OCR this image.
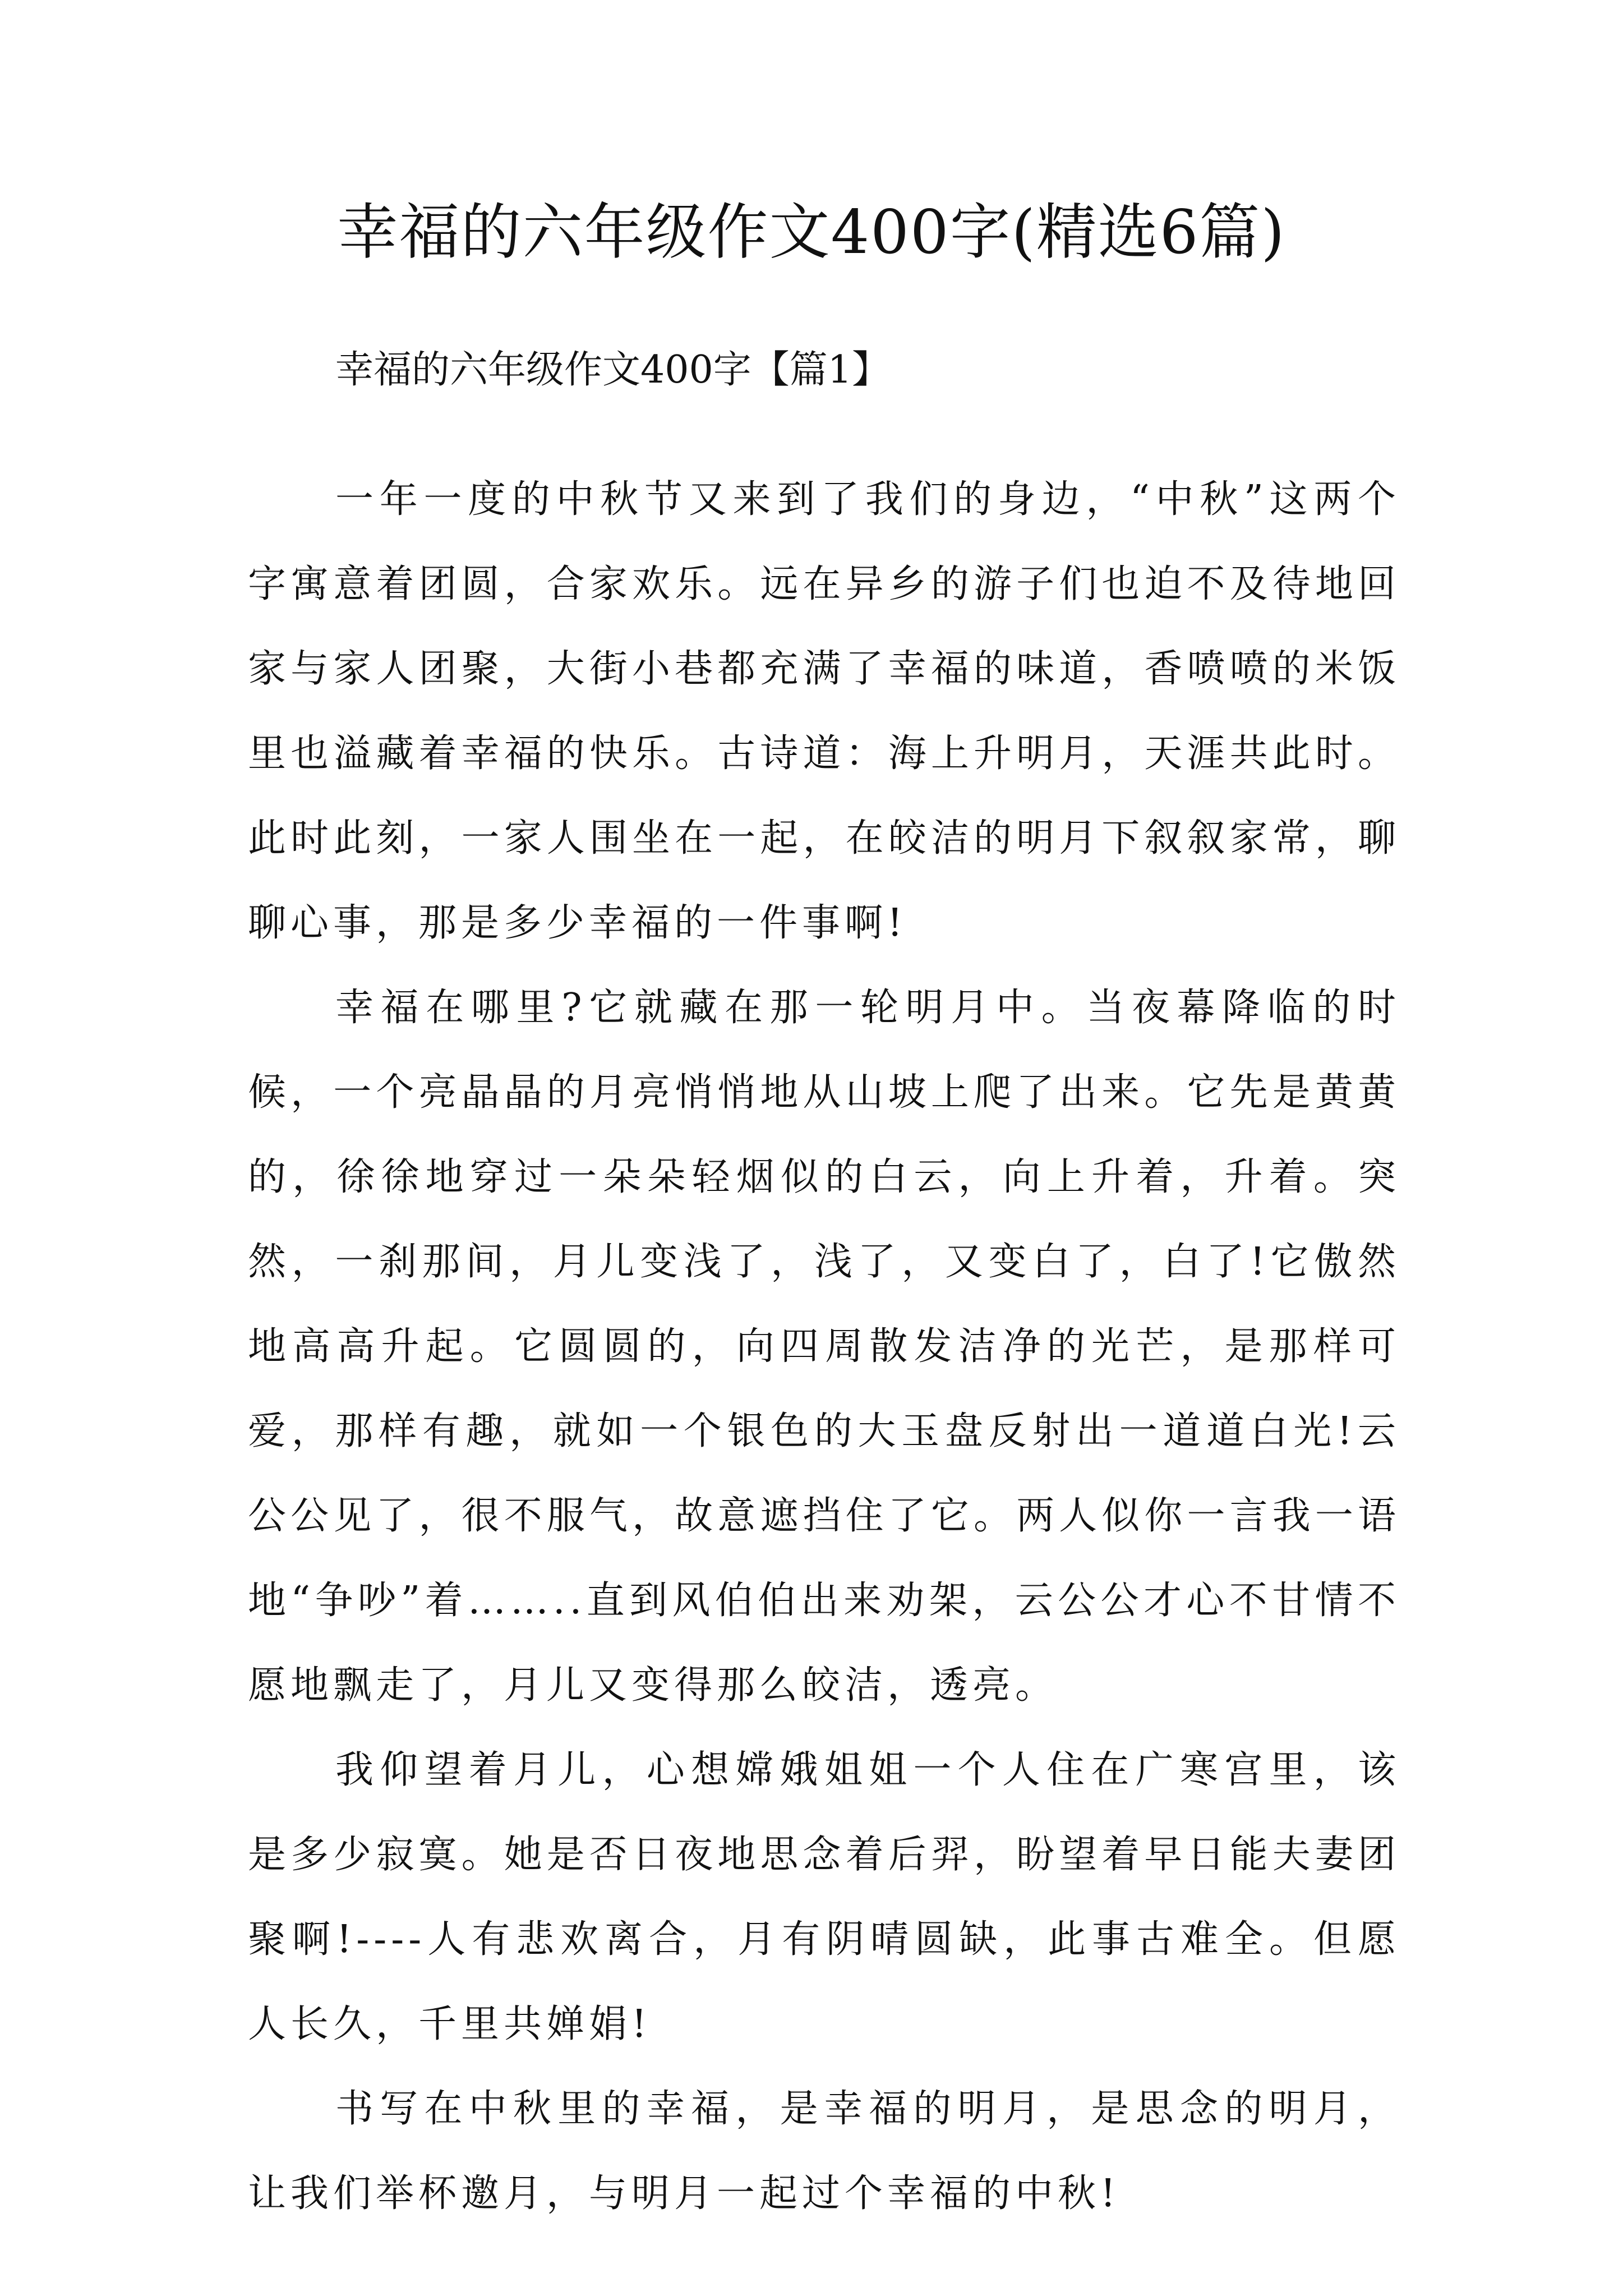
幸福的六年级作文400字(精选6篇)

幸福的六年级作文400字【篇1】

一年一度的中秋节又来到了我们的身边，“中秋”这两个字寓意着团圆，合家欢乐。远在异乡的游子们也迫不及待地回家与家人团聚，大街小巷都充满了幸福的味道，香喷喷的米饭里也溢藏着幸福的快乐。古诗道：海上升明月，天涯共此时。此时此刻，一家人围坐在一起，在皎洁的明月下叙叙家常，聊聊心事，那是多少幸福的一件事啊!

幸福在哪里?它就藏在那一轮明月中。当夜幕降临的时候，一个亮晶晶的月亮悄悄地从山坡上爬了出来。它先是黄黄的，徐徐地穿过一朵朵轻烟似的白云，向上升着，升着。突然，一刹那间，月儿变浅了，浅了，又变白了，白了!它傲然地高高升起。它圆圆的，向四周散发洁净的光芒，是那样可爱，那样有趣，就如一个银色的大玉盘反射出一道道白光!云公公见了，很不服气，故意遮挡住了它。两人似你一言我一语地“争吵”着……..直到风伯伯出来劝架，云公公才心不甘情不愿地飘走了，月儿又变得那么皎洁，透亮。

我仰望着月儿，心想嫦娥姐姐一个人住在广寒宫里，该是多少寂寞。她是否日夜地思念着后羿，盼望着早日能夫妻团聚啊!----人有悲欢离合，月有阴晴圆缺，此事古难全。但愿人长久，千里共婵娟!

书写在中秋里的幸福，是幸福的明月，是思念的明月，让我们举杯邀月，与明月一起过个幸福的中秋!
